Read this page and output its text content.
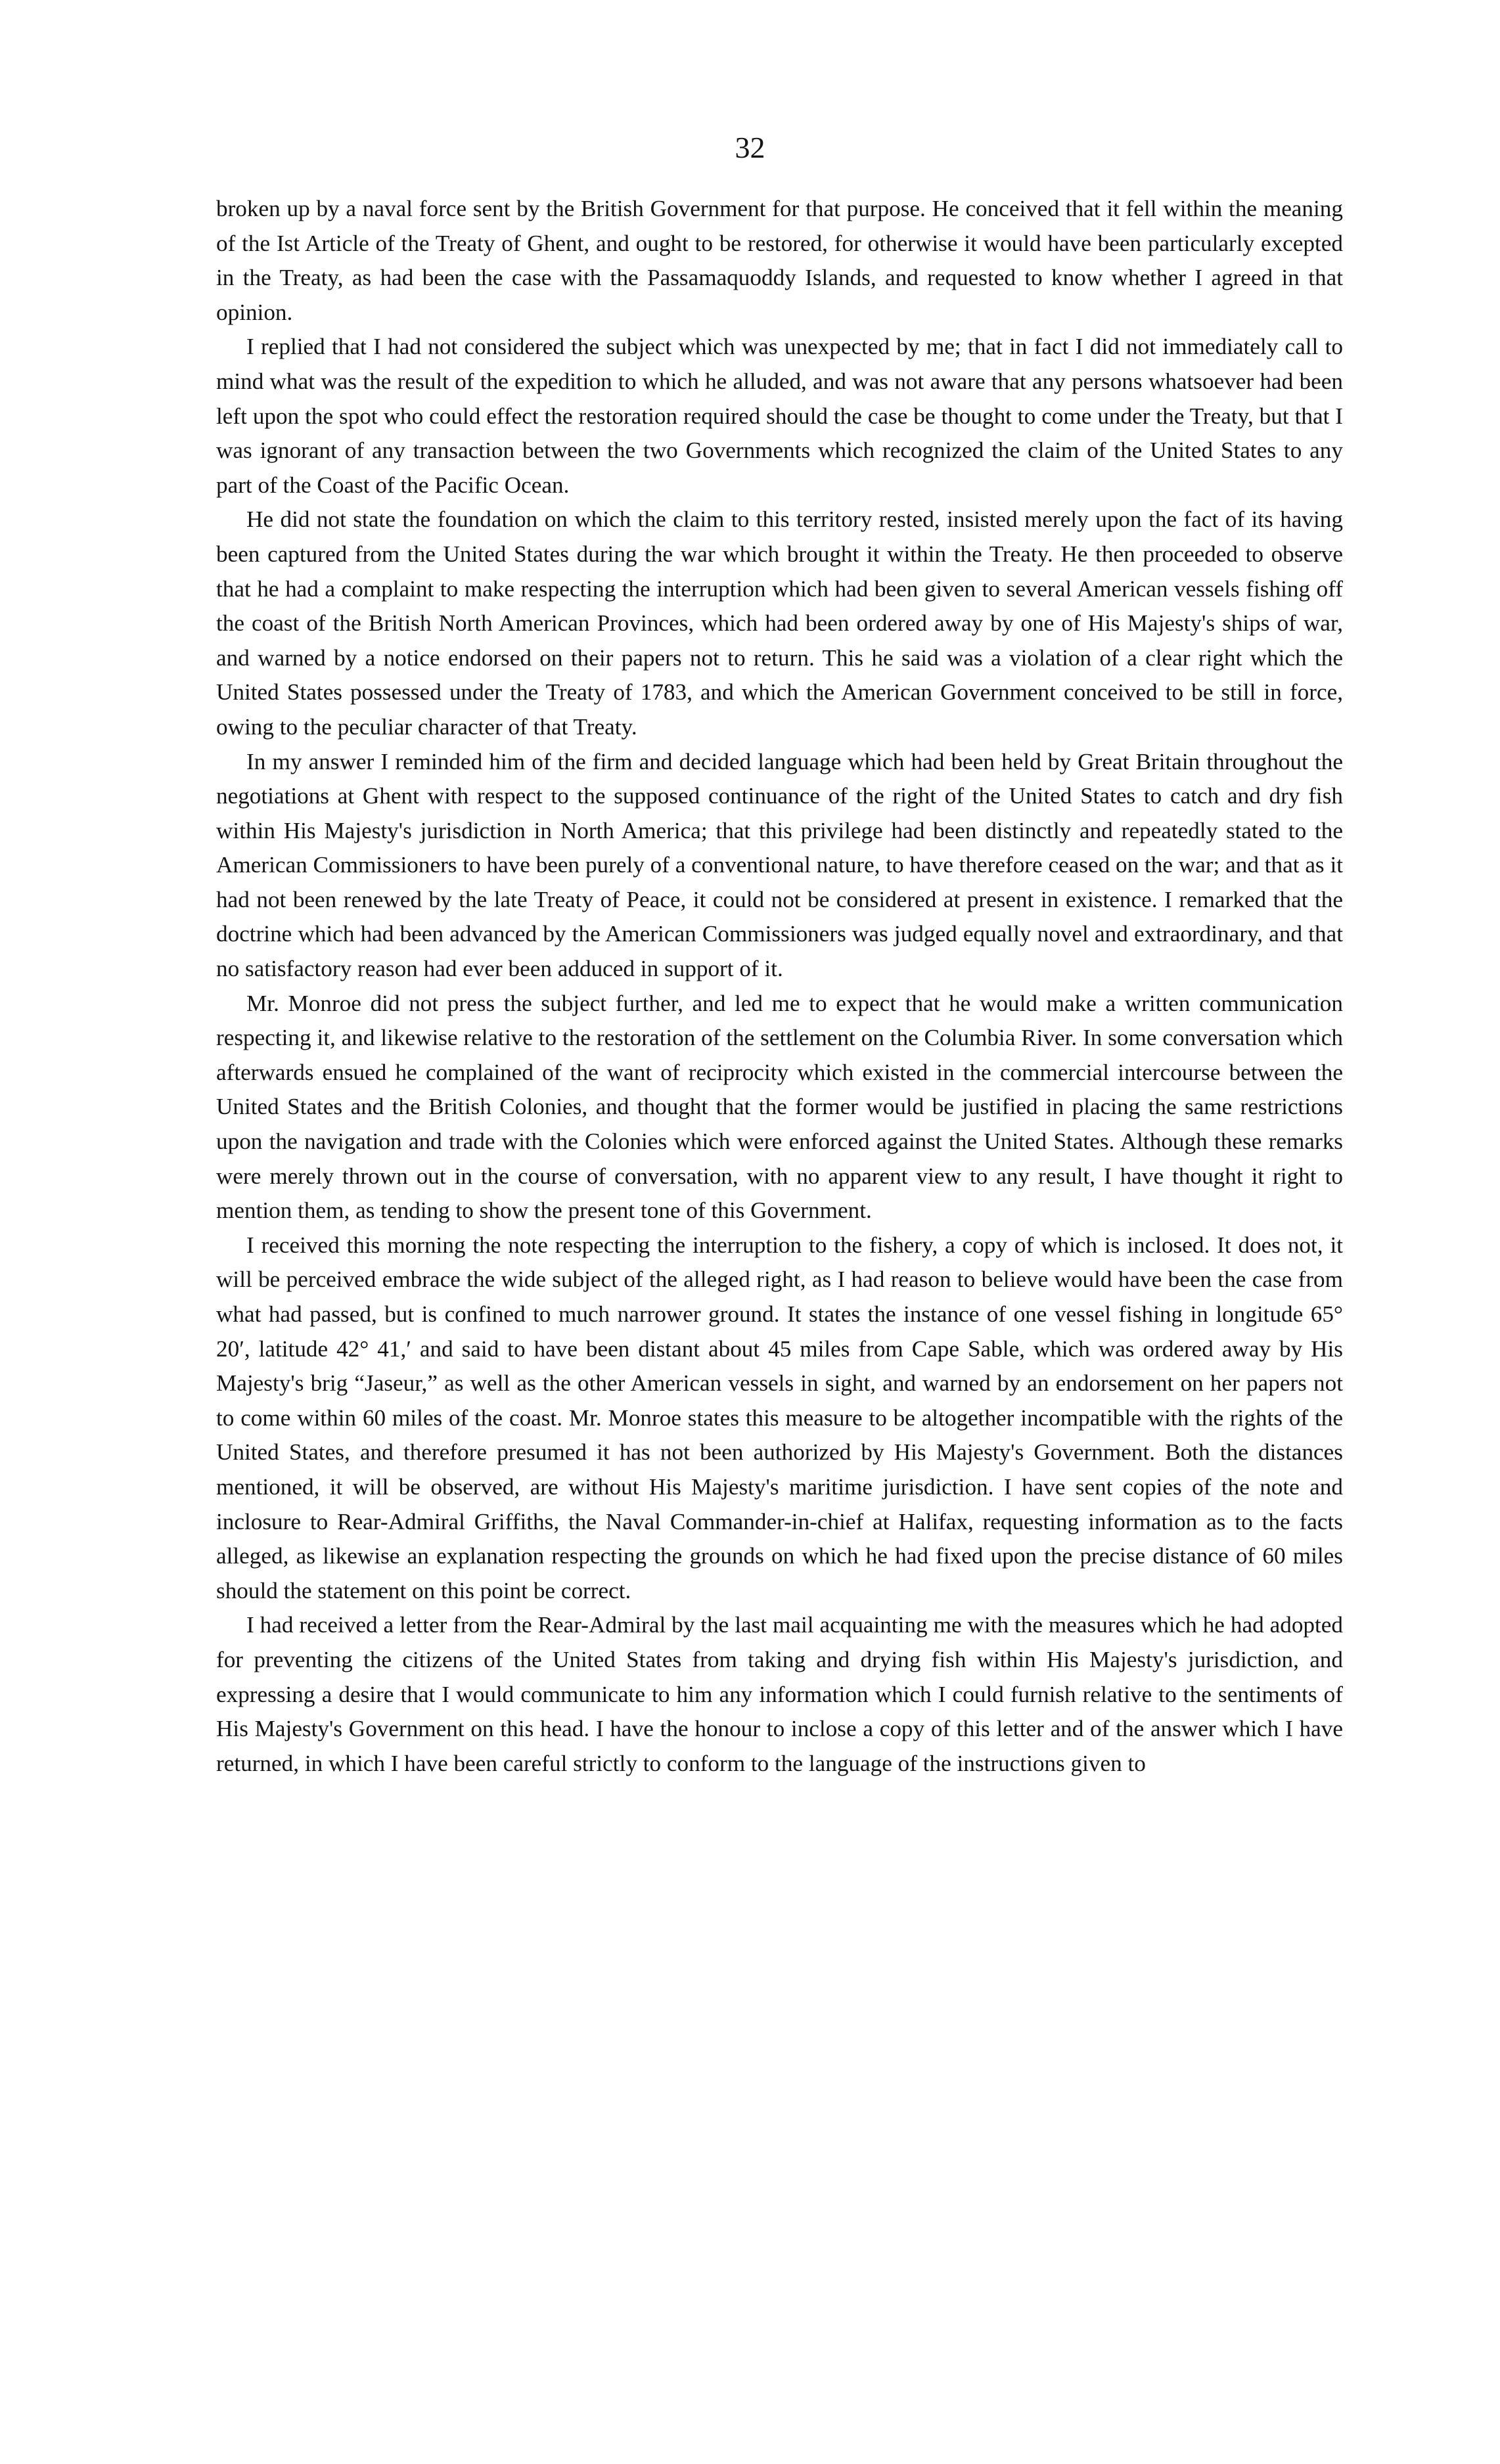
32

broken up by a naval force sent by the British Government for that purpose. He conceived that it fell within the meaning of the Ist Article of the Treaty of Ghent, and ought to be restored, for otherwise it would have been particularly excepted in the Treaty, as had been the case with the Passamaquoddy Islands, and requested to know whether I agreed in that opinion.

I replied that I had not considered the subject which was unexpected by me; that in fact I did not immediately call to mind what was the result of the expedition to which he alluded, and was not aware that any persons whatsoever had been left upon the spot who could effect the restoration required should the case be thought to come under the Treaty, but that I was ignorant of any transaction between the two Governments which recognized the claim of the United States to any part of the Coast of the Pacific Ocean.

He did not state the foundation on which the claim to this territory rested, insisted merely upon the fact of its having been captured from the United States during the war which brought it within the Treaty. He then proceeded to observe that he had a complaint to make respecting the interruption which had been given to several American vessels fishing off the coast of the British North American Provinces, which had been ordered away by one of His Majesty's ships of war, and warned by a notice endorsed on their papers not to return. This he said was a violation of a clear right which the United States possessed under the Treaty of 1783, and which the American Government conceived to be still in force, owing to the peculiar character of that Treaty.

In my answer I reminded him of the firm and decided language which had been held by Great Britain throughout the negotiations at Ghent with respect to the supposed continuance of the right of the United States to catch and dry fish within His Majesty's jurisdiction in North America; that this privilege had been distinctly and repeatedly stated to the American Commissioners to have been purely of a conventional nature, to have therefore ceased on the war; and that as it had not been renewed by the late Treaty of Peace, it could not be considered at present in existence. I remarked that the doctrine which had been advanced by the American Commissioners was judged equally novel and extraordinary, and that no satisfactory reason had ever been adduced in support of it.

Mr. Monroe did not press the subject further, and led me to expect that he would make a written communication respecting it, and likewise relative to the restoration of the settlement on the Columbia River. In some conversation which afterwards ensued he complained of the want of reciprocity which existed in the commercial intercourse between the United States and the British Colonies, and thought that the former would be justified in placing the same restrictions upon the navigation and trade with the Colonies which were enforced against the United States. Although these remarks were merely thrown out in the course of conversation, with no apparent view to any result, I have thought it right to mention them, as tending to show the present tone of this Government.

I received this morning the note respecting the interruption to the fishery, a copy of which is inclosed. It does not, it will be perceived embrace the wide subject of the alleged right, as I had reason to believe would have been the case from what had passed, but is confined to much narrower ground. It states the instance of one vessel fishing in longitude 65° 20′, latitude 42° 41,′ and said to have been distant about 45 miles from Cape Sable, which was ordered away by His Majesty's brig “Jaseur,” as well as the other American vessels in sight, and warned by an endorsement on her papers not to come within 60 miles of the coast. Mr. Monroe states this measure to be altogether incompatible with the rights of the United States, and therefore presumed it has not been authorized by His Majesty's Government. Both the distances mentioned, it will be observed, are without His Majesty's maritime jurisdiction. I have sent copies of the note and inclosure to Rear-Admiral Griffiths, the Naval Commander-in-chief at Halifax, requesting information as to the facts alleged, as likewise an explanation respecting the grounds on which he had fixed upon the precise distance of 60 miles should the statement on this point be correct.

I had received a letter from the Rear-Admiral by the last mail acquainting me with the measures which he had adopted for preventing the citizens of the United States from taking and drying fish within His Majesty's jurisdiction, and expressing a desire that I would communicate to him any information which I could furnish relative to the sentiments of His Majesty's Government on this head. I have the honour to inclose a copy of this letter and of the answer which I have returned, in which I have been careful strictly to conform to the language of the instructions given to
